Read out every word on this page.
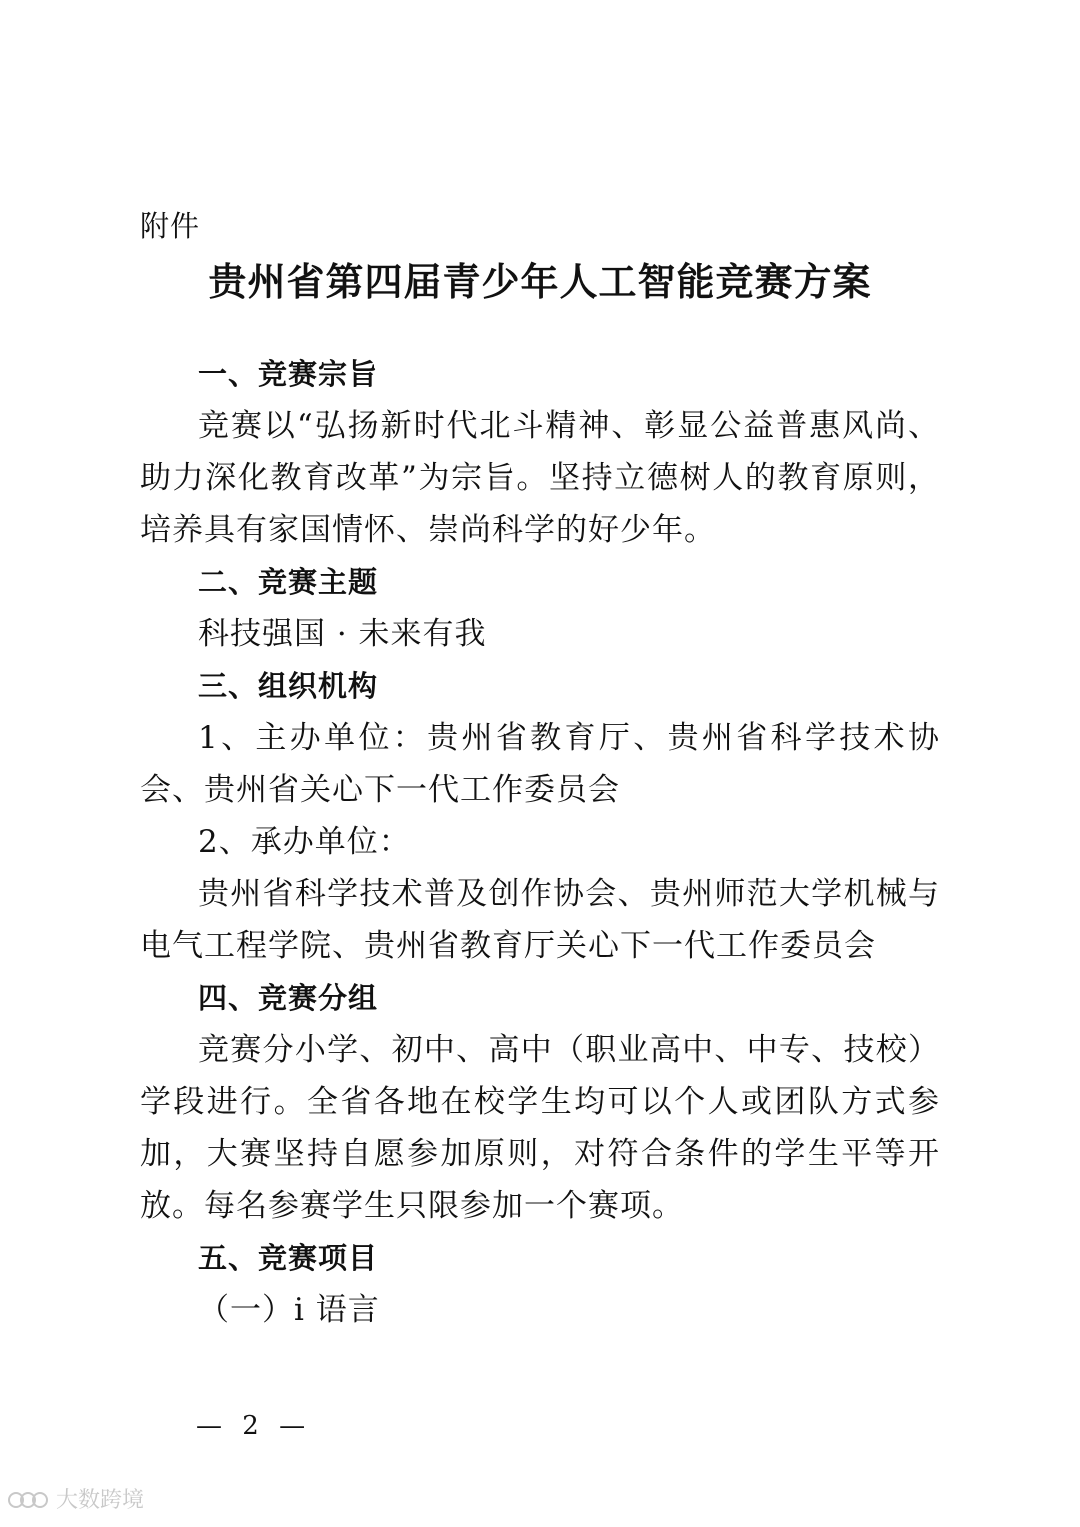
附件
贵州省第四届青少年人工智能竞赛方案
一、竞赛宗旨
竞赛以“弘扬新时代北斗精神、彰显公益普惠风尚、助力深化教育改革”为宗旨。坚持立德树人的教育原则，培养具有家国情怀、崇尚科学的好少年。
二、竞赛主题
科技强国 · 未来有我
三、组织机构
1、主办单位：贵州省教育厅、贵州省科学技术协会、贵州省关心下一代工作委员会
2、承办单位：
贵州省科学技术普及创作协会、贵州师范大学机械与电气工程学院、贵州省教育厅关心下一代工作委员会
四、竞赛分组
竞赛分小学、初中、高中（职业高中、中专、技校）学段进行。全省各地在校学生均可以个人或团队方式参加，大赛坚持自愿参加原则，对符合条件的学生平等开放。每名参赛学生只限参加一个赛项。
五、竞赛项目
（一）i 语言
— 2 —
大数跨境
